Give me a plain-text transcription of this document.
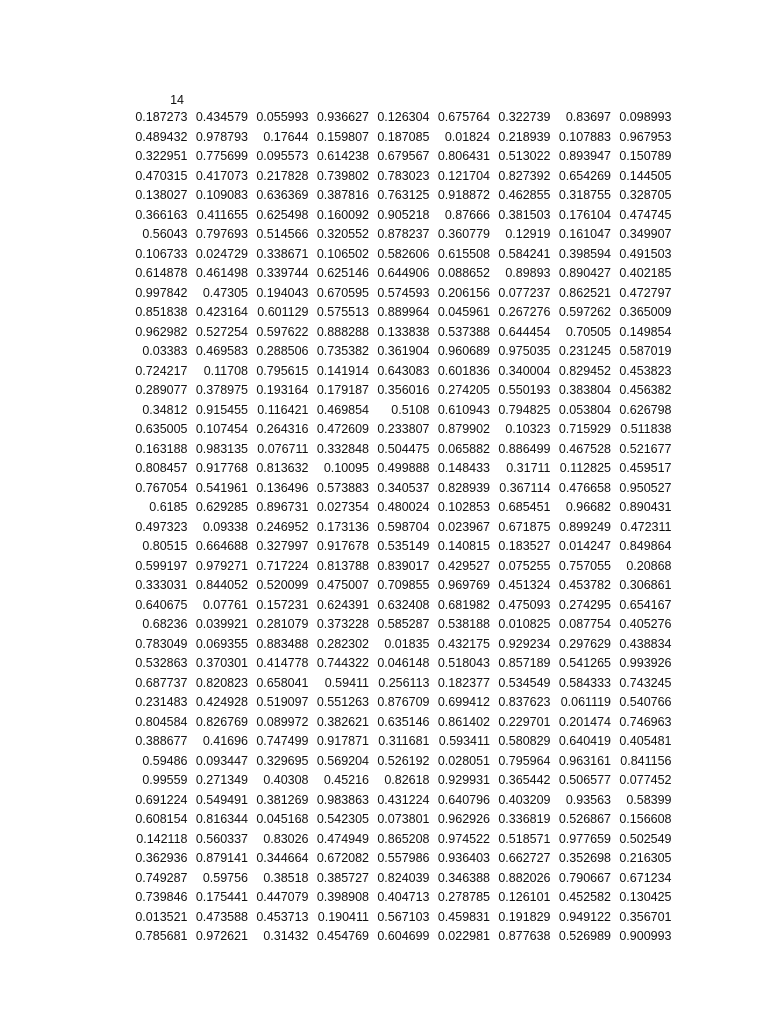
14
0.187273 0.434579 0.055993 0.936627 0.126304 0.675764 0.322739	0.83697 0.098993
0.489432 0.978793	0.17644 0.159807 0.187085	0.01824 0.218939 0.107883 0.967953
0.322951 0.775699 0.095573 0.614238 0.679567 0.806431 0.513022 0.893947 0.150789
0.470315 0.417073 0.217828 0.739802 0.783023 0.121704 0.827392 0.654269 0.144505
0.138027 0.109083 0.636369 0.387816 0.763125 0.918872 0.462855 0.318755 0.328705
0.366163 0.411655 0.625498 0.160092 0.905218	0.87666 0.381503 0.176104 0.474745
0.56043 0.797693 0.514566 0.320552 0.878237 0.360779	0.12919 0.161047 0.349907
0.106733 0.024729 0.338671 0.106502 0.582606 0.615508 0.584241 0.398594 0.491503
0.614878 0.461498 0.339744 0.625146 0.644906 0.088652	0.89893 0.890427 0.402185
0.997842	0.47305 0.194043 0.670595 0.574593 0.206156 0.077237 0.862521 0.472797
0.851838 0.423164 0.601129 0.575513 0.889964 0.045961 0.267276 0.597262 0.365009
0.962982 0.527254 0.597622 0.888288 0.133838 0.537388 0.644454	0.70505 0.149854
0.03383 0.469583 0.288506 0.735382 0.361904 0.960689 0.975035 0.231245 0.587019
0.724217	0.11708 0.795615 0.141914 0.643083 0.601836 0.340004 0.829452 0.453823
0.289077 0.378975 0.193164 0.179187 0.356016 0.274205 0.550193 0.383804 0.456382
0.34812 0.915455 0.116421 0.469854	0.5108 0.610943 0.794825 0.053804 0.626798
0.635005 0.107454 0.264316 0.472609 0.233807 0.879902	0.10323 0.715929 0.511838
0.163188 0.983135 0.076711 0.332848 0.504475 0.065882 0.886499 0.467528 0.521677
0.808457 0.917768 0.813632	0.10095 0.499888 0.148433	0.31711 0.112825 0.459517
0.767054 0.541961 0.136496 0.573883 0.340537 0.828939 0.367114 0.476658 0.950527
0.6185 0.629285 0.896731 0.027354 0.480024 0.102853 0.685451	0.96682 0.890431
0.497323	0.09338 0.246952 0.173136 0.598704 0.023967 0.671875 0.899249 0.472311
0.80515 0.664688 0.327997 0.917678 0.535149 0.140815 0.183527 0.014247 0.849864
0.599197 0.979271 0.717224 0.813788 0.839017 0.429527 0.075255 0.757055	0.20868
0.333031 0.844052 0.520099 0.475007 0.709855 0.969769 0.451324 0.453782 0.306861
0.640675	0.07761 0.157231 0.624391 0.632408 0.681982 0.475093 0.274295 0.654167
0.68236 0.039921 0.281079 0.373228 0.585287 0.538188 0.010825 0.087754 0.405276
0.783049 0.069355 0.883488 0.282302	0.01835 0.432175 0.929234 0.297629 0.438834
0.532863 0.370301 0.414778 0.744322 0.046148 0.518043 0.857189 0.541265 0.993926
0.687737 0.820823 0.658041	0.59411 0.256113 0.182377 0.534549 0.584333 0.743245
0.231483 0.424928 0.519097 0.551263 0.876709 0.699412 0.837623 0.061119 0.540766
0.804584 0.826769 0.089972 0.382621 0.635146 0.861402 0.229701 0.201474 0.746963
0.388677	0.41696 0.747499 0.917871 0.311681 0.593411 0.580829 0.640419 0.405481
0.59486 0.093447 0.329695 0.569204 0.526192 0.028051 0.795964 0.963161 0.841156
0.99559 0.271349	0.40308	0.45216	0.82618 0.929931 0.365442 0.506577 0.077452
0.691224 0.549491 0.381269 0.983863 0.431224 0.640796 0.403209	0.93563	0.58399
0.608154 0.816344 0.045168 0.542305 0.073801 0.962926 0.336819 0.526867 0.156608
0.142118 0.560337	0.83026 0.474949 0.865208 0.974522 0.518571 0.977659 0.502549
0.362936 0.879141 0.344664 0.672082 0.557986 0.936403 0.662727 0.352698 0.216305
0.749287	0.59756	0.38518 0.385727 0.824039 0.346388 0.882026 0.790667 0.671234
0.739846 0.175441 0.447079 0.398908 0.404713 0.278785 0.126101 0.452582 0.130425
0.013521 0.473588 0.453713 0.190411 0.567103 0.459831 0.191829 0.949122 0.356701
0.785681 0.972621	0.31432 0.454769 0.604699 0.022981 0.877638 0.526989 0.900993
